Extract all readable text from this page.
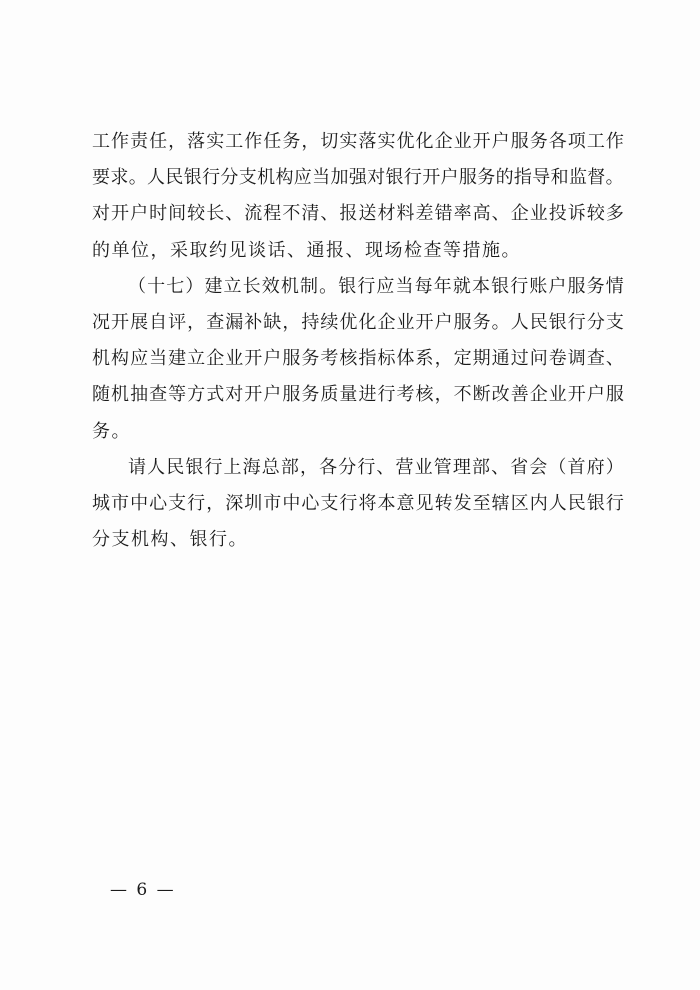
工 作 责 任 ， 落 实 工 作 任 务 ， 切 实 落 实 优 化 企 业 开 户 服 务 各 项 工 作
要 求 。 人 民 银 行 分 支 机 构 应 当 加 强 对 银 行 开 户 服 务 的 指 导 和 监 督 。
对 开 户 时 间 较 长 、 流 程 不 清 、 报 送 材 料 差 错 率 高 、 企 业 投 诉 较 多
的单位，采取约见谈话、通报、现场检查等措施。
（ 十 七 ） 建 立 长 效 机 制 。 银 行 应 当 每 年 就 本 银 行 账 户 服 务 情
况 开 展 自 评 ， 查 漏 补 缺 ， 持 续 优 化 企 业 开 户 服 务 。 人 民 银 行 分 支
机 构 应 当 建 立 企 业 开 户 服 务 考 核 指 标 体 系 ， 定 期 通 过 问 卷 调 查 、
随 机 抽 查 等 方 式 对 开 户 服 务 质 量 进 行 考 核 ， 不 断 改 善 企 业 开 户 服
务。
请 人 民 银 行 上 海 总 部 ， 各 分 行 、 营 业 管 理 部 、 省 会 （ 首 府 ）
城 市 中 心 支 行 ， 深 圳 市 中 心 支 行 将 本 意 见 转 发 至 辖 区 内 人 民 银 行
分支机构、银行。
— 6 —
